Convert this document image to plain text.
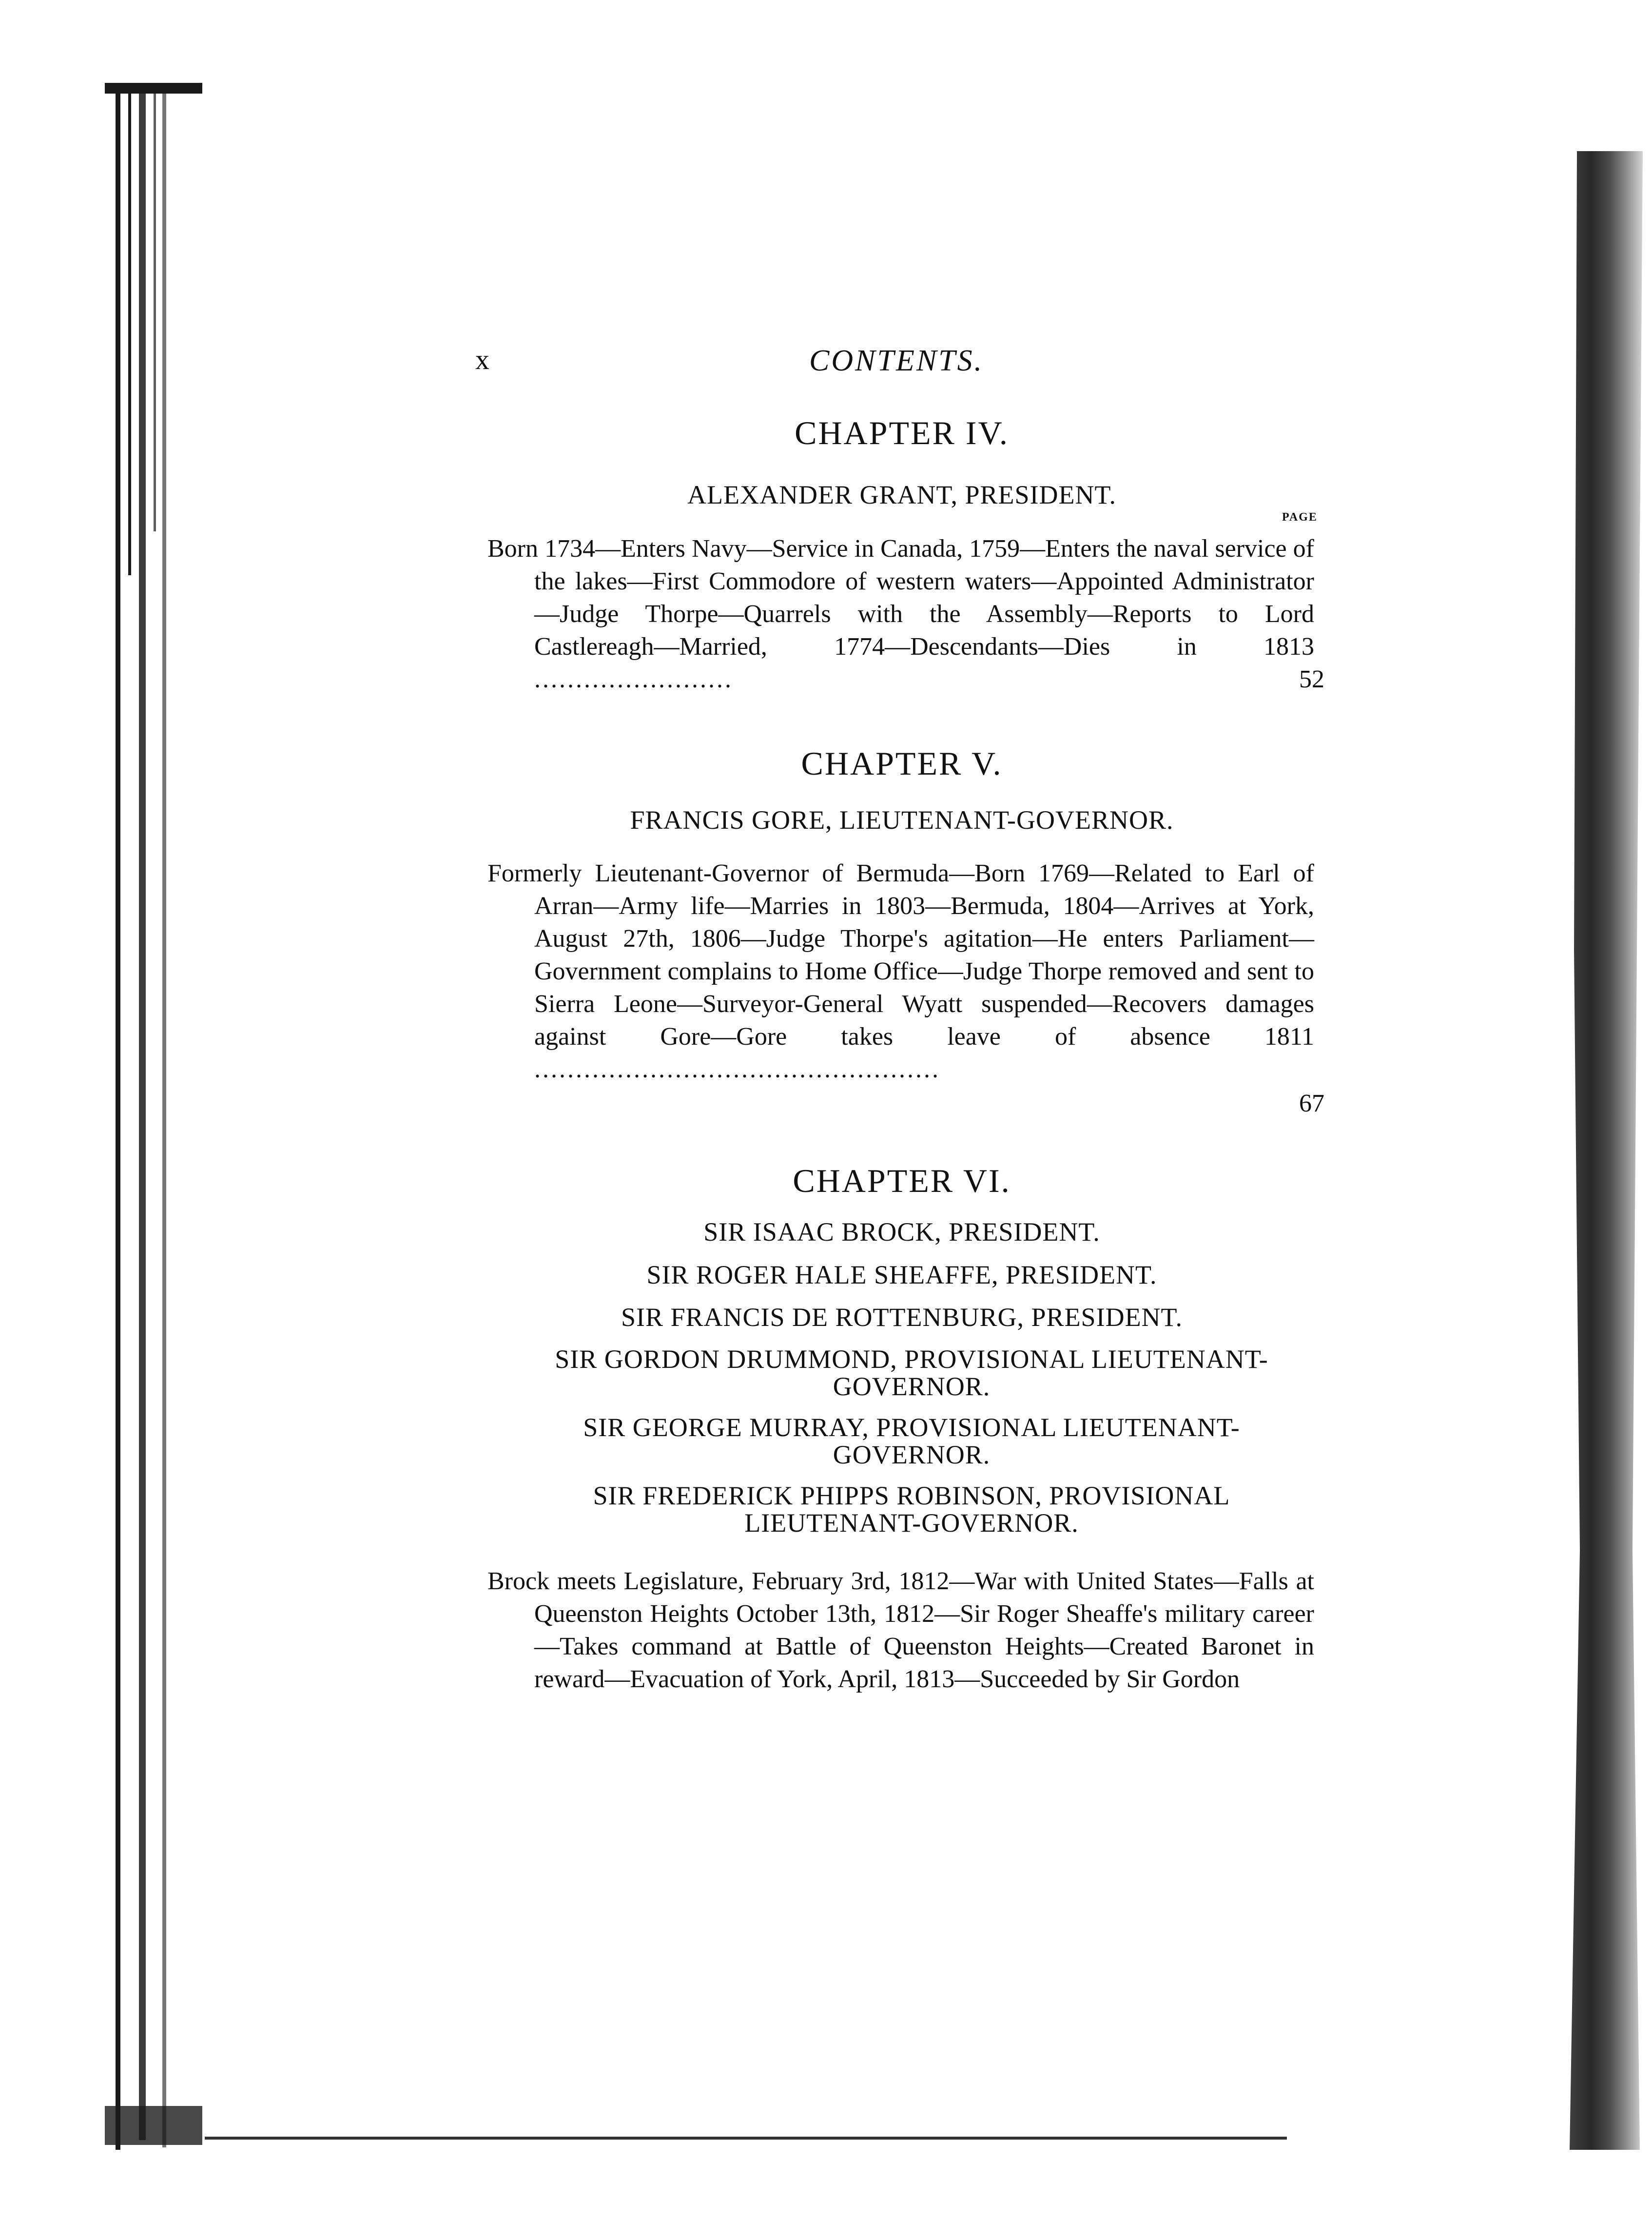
x	CONTENTS.
CHAPTER IV.
ALEXANDER GRANT, PRESIDENT.
PAGE
Born 1734—Enters Navy—Service in Canada, 1759—Enters the naval service of the lakes—First Commodore of western waters—Appointed Administrator—Judge Thorpe—Quarrels with the Assembly—Reports to Lord Castlereagh—Married, 1774—Descendants—Dies in 1813 ........................	52
CHAPTER V.
FRANCIS GORE, LIEUTENANT-GOVERNOR.
Formerly Lieutenant-Governor of Bermuda—Born 1769—Related to Earl of Arran—Army life—Marries in 1803—Bermuda, 1804—Arrives at York, August 27th, 1806—Judge Thorpe's agitation—He enters Parliament—Government complains to Home Office—Judge Thorpe removed and sent to Sierra Leone—Surveyor-General Wyatt suspended—Recovers damages against Gore—Gore takes leave of absence 1811 .................................................
67
CHAPTER VI.
SIR ISAAC BROCK, PRESIDENT.
SIR ROGER HALE SHEAFFE, PRESIDENT.
SIR FRANCIS DE ROTTENBURG, PRESIDENT.
SIR GORDON DRUMMOND, PROVISIONAL LIEUTENANT-GOVERNOR.
SIR GEORGE MURRAY, PROVISIONAL LIEUTENANT-GOVERNOR.
SIR FREDERICK PHIPPS ROBINSON, PROVISIONAL LIEUTENANT-GOVERNOR.
Brock meets Legislature, February 3rd, 1812—War with United States—Falls at Queenston Heights October 13th, 1812—Sir Roger Sheaffe's military career—Takes command at Battle of Queenston Heights—Created Baronet in reward—Evacuation of York, April, 1813—Succeeded by Sir Gordon
